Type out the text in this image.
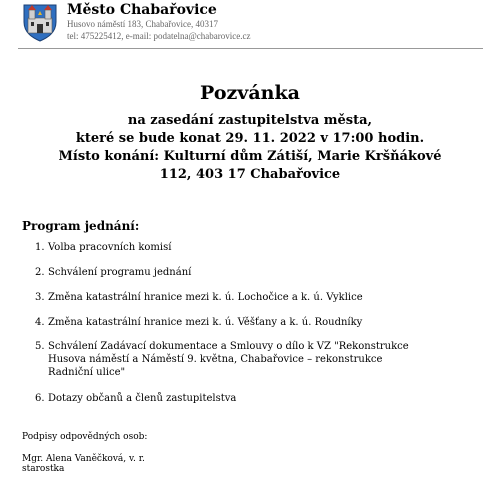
Město Chabařovice
Husovo náměstí 183, Chabařovice, 40317
tel: 475225412, e-mail: podatelna@chabarovice.cz
Pozvánka
na zasedání zastupitelstva města,
které se bude konat 29. 11. 2022 v 17:00 hodin.
Místo konání: Kulturní dům Zátiší, Marie Kršňákové
112, 403 17 Chabařovice
Program jednání:
1. Volba pracovních komisí
2. Schválení programu jednání
3. Změna katastrální hranice mezi k. ú. Lochočice a k. ú. Vyklice
4. Změna katastrální hranice mezi k. ú. Věšťany a k. ú. Roudníky
5. Schválení Zadávací dokumentace a Smlouvy o dílo k VZ "Rekonstrukce
Husova náměstí a Náměstí 9. května, Chabařovice – rekonstrukce
Radniční ulice"
6. Dotazy občanů a členů zastupitelstva
Podpisy odpovědných osob:
Mgr. Alena Vaněčková, v. r.
starostka
